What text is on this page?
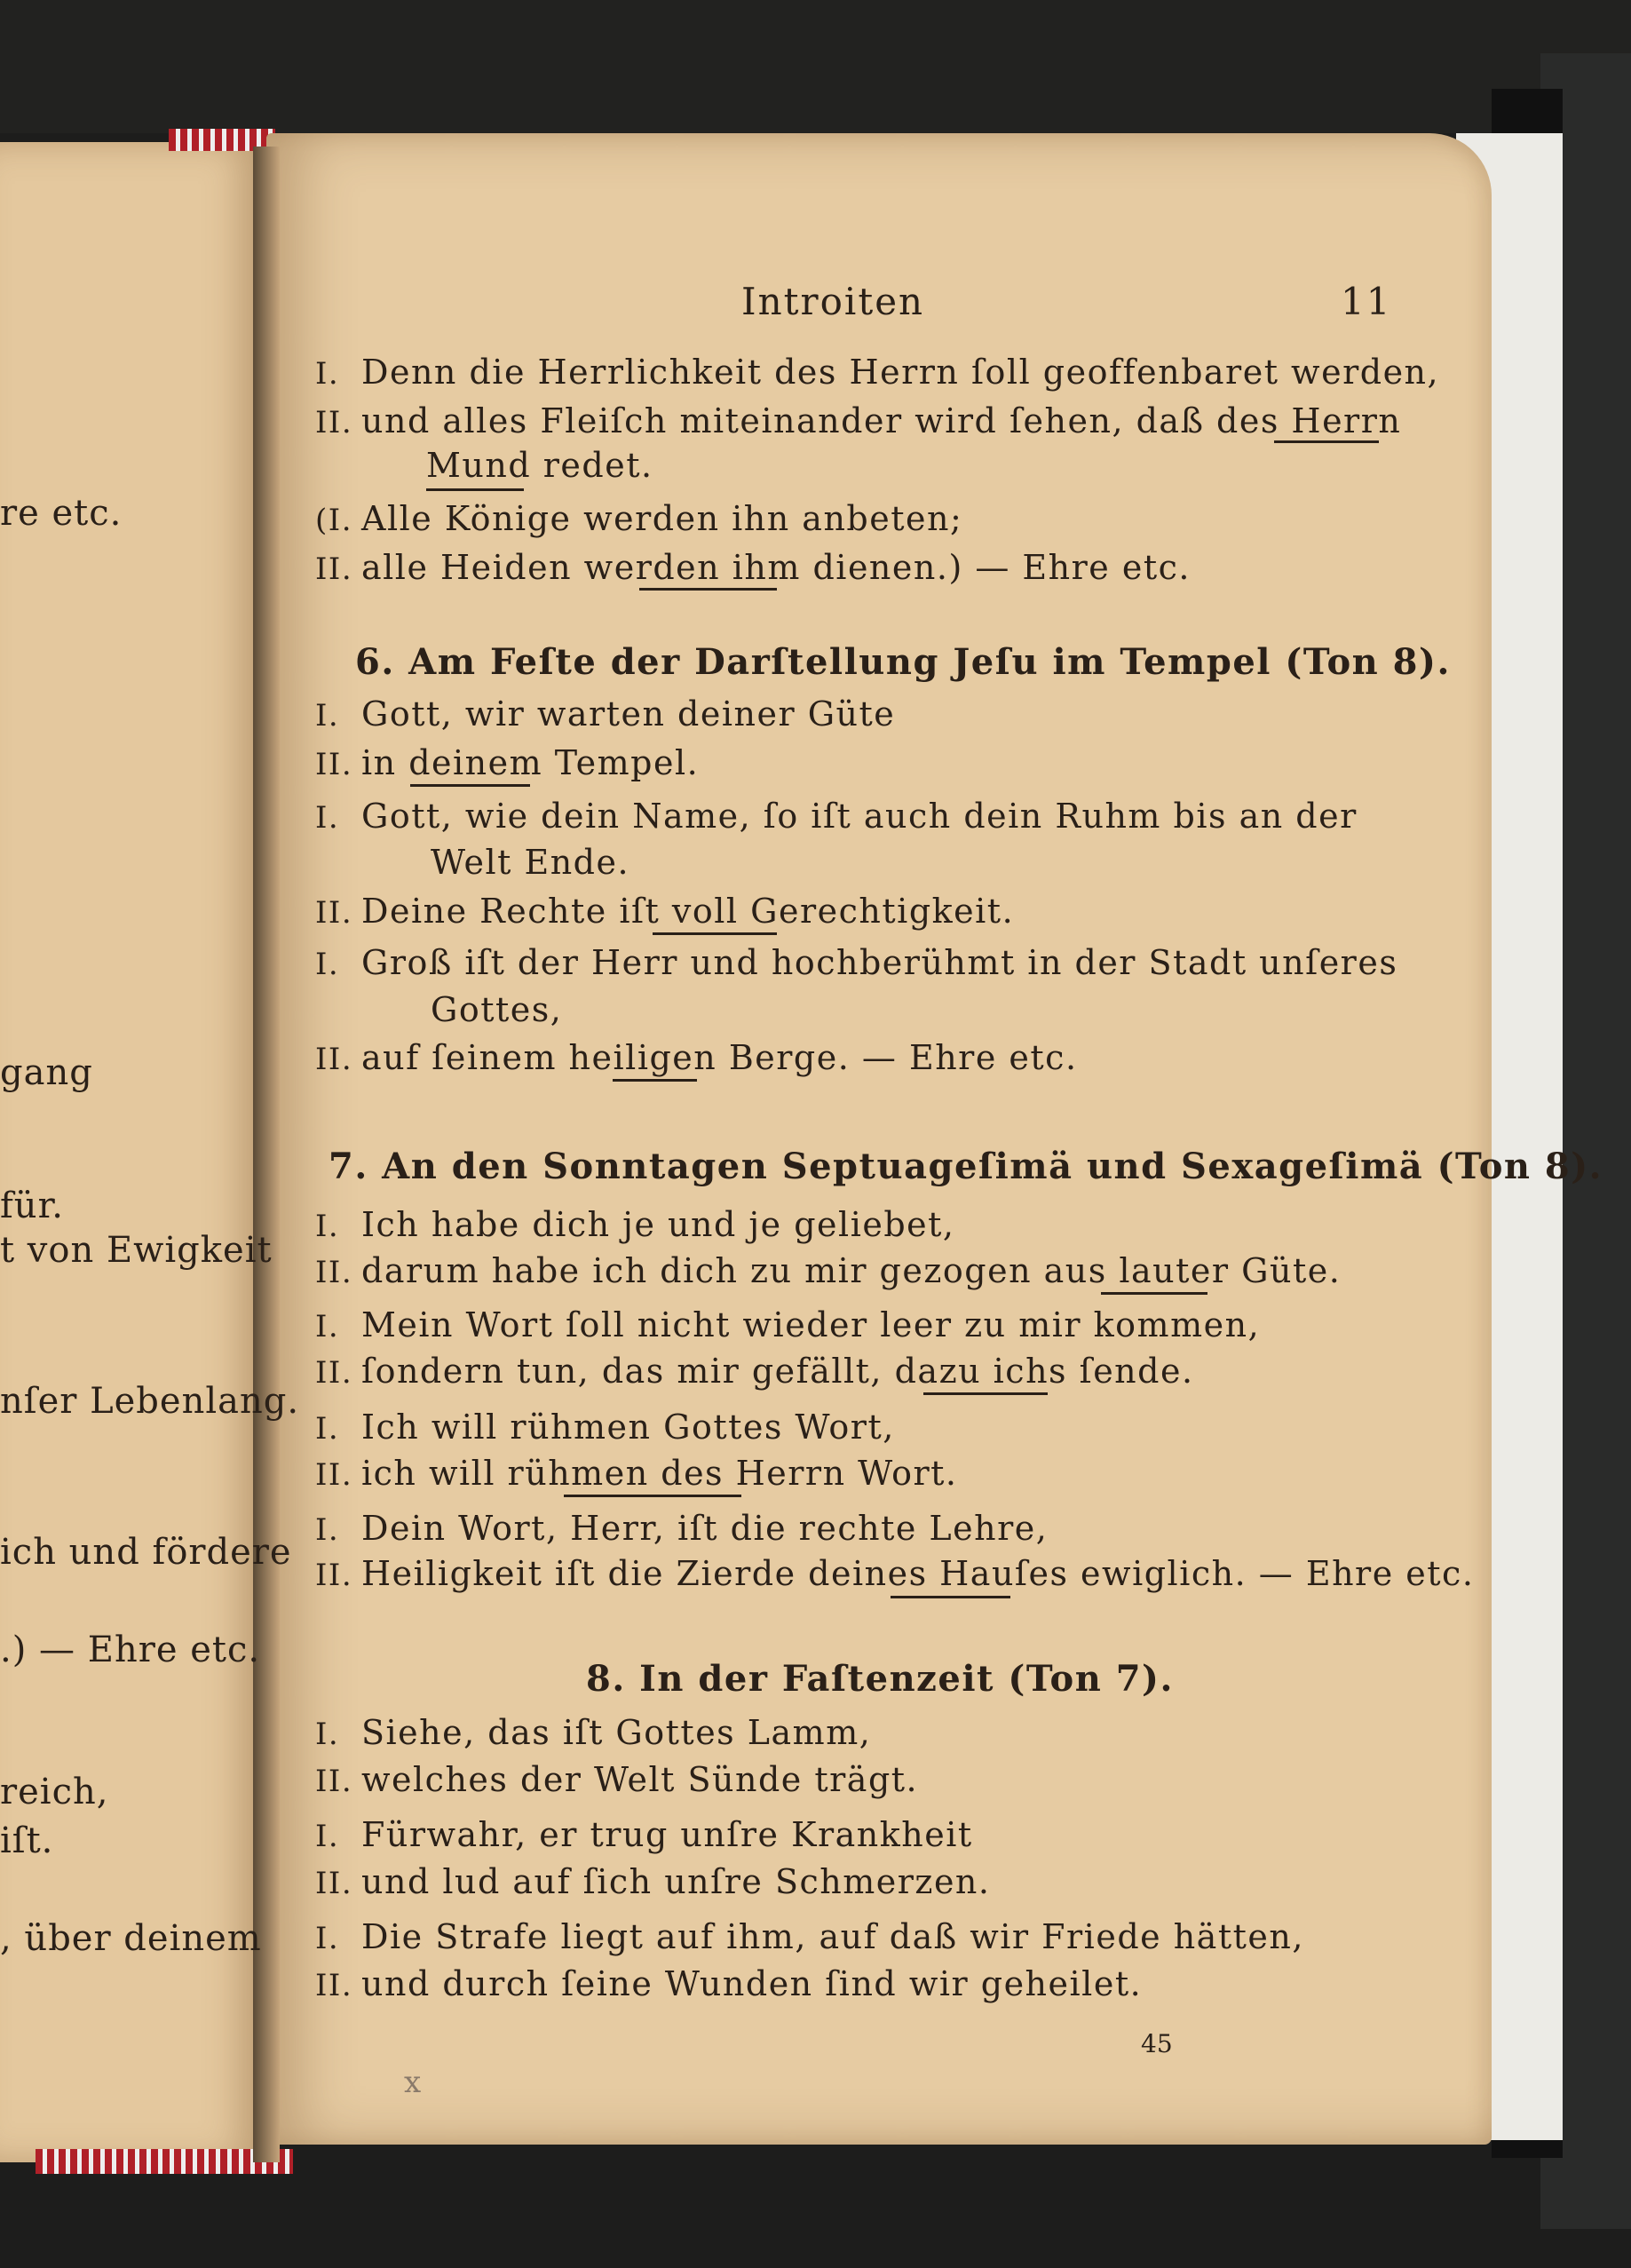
re etc.
gang
für.
t von Ewigkeit
nſer Lebenlang.
ich und fördere
.) — Ehre etc.
reich,
iſt.
, über deinem
Introiten	11
I. Denn die Herrlichkeit des Herrn ſoll geoffenbaret werden,
II. und alles Fleiſch miteinander wird ſehen, daß des Herrn
Mund redet.
(I. Alle Könige werden ihn anbeten;
II. alle Heiden werden ihm dienen.) — Ehre etc.
6. Am Feſte der Darſtellung Jeſu im Tempel (Ton 8).
I. Gott, wir warten deiner Güte
II. in deinem Tempel.
I. Gott, wie dein Name, ſo iſt auch dein Ruhm bis an der
Welt Ende.
II. Deine Rechte iſt voll Gerechtigkeit.
I. Groß iſt der Herr und hochberühmt in der Stadt unſeres
Gottes,
II. auf ſeinem heiligen Berge. — Ehre etc.
7. An den Sonntagen Septuageſimä und Sexageſimä (Ton 8).
I. Ich habe dich je und je geliebet,
II. darum habe ich dich zu mir gezogen aus lauter Güte.
I. Mein Wort ſoll nicht wieder leer zu mir kommen,
II. ſondern tun, das mir gefällt, dazu ichs ſende.
I. Ich will rühmen Gottes Wort,
II. ich will rühmen des Herrn Wort.
I. Dein Wort, Herr, iſt die rechte Lehre,
II. Heiligkeit iſt die Zierde deines Hauſes ewiglich. — Ehre etc.
8. In der Faſtenzeit (Ton 7).
I. Siehe, das iſt Gottes Lamm,
II. welches der Welt Sünde trägt.
I. Fürwahr, er trug unſre Krankheit
II. und lud auf ſich unſre Schmerzen.
I. Die Strafe liegt auf ihm, auf daß wir Friede hätten,
II. und durch ſeine Wunden ſind wir geheilet.
45
x
